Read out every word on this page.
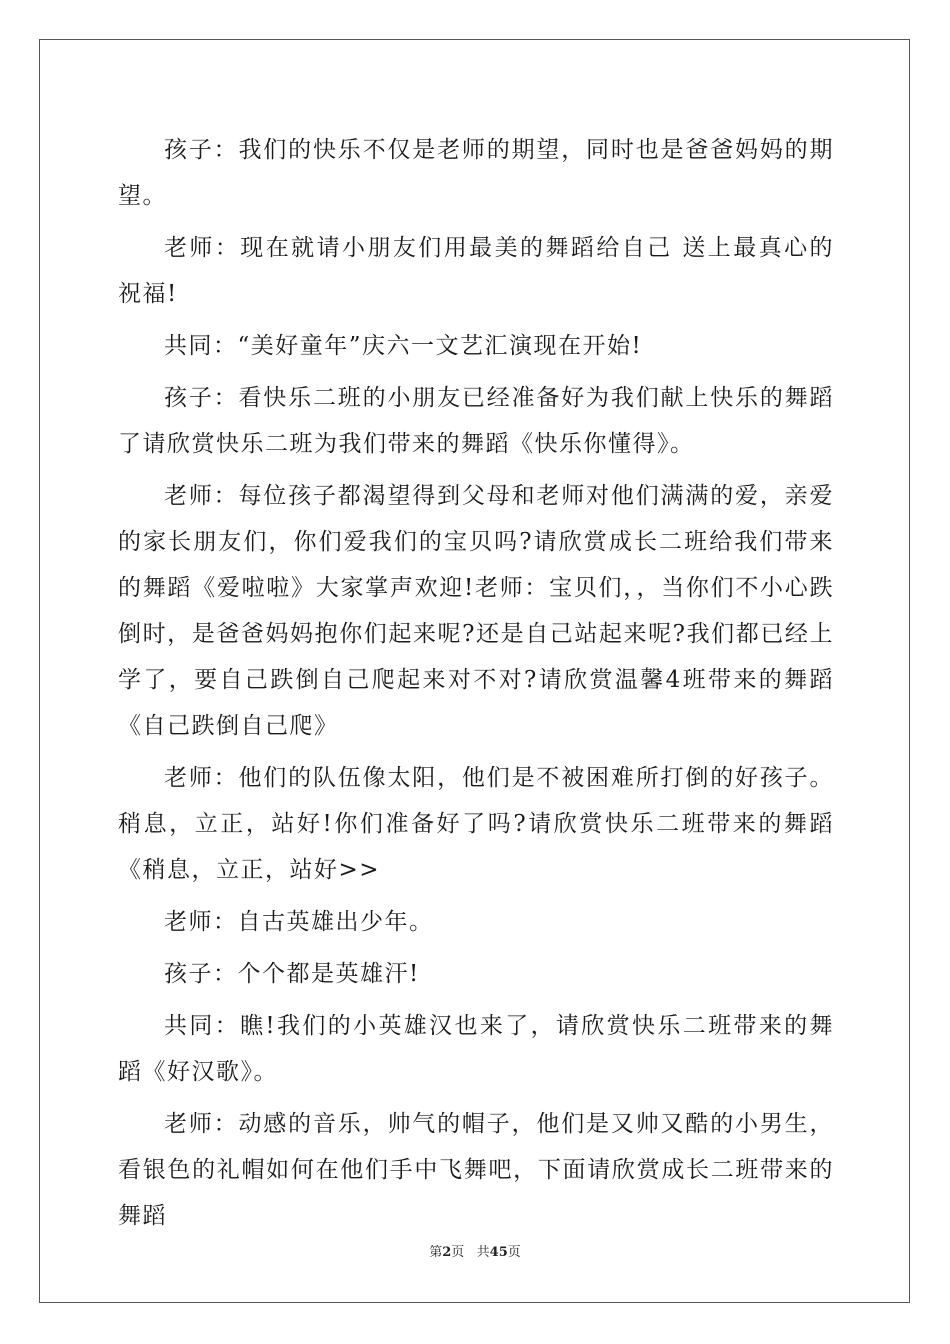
孩子：我们的快乐不仅是老师的期望，同时也是爸爸妈妈的期望。

老师：现在就请小朋友们用最美的舞蹈给自己 送上最真心的祝福!

共同：“美好童年”庆六一文艺汇演现在开始!

孩子：看快乐二班的小朋友已经准备好为我们献上快乐的舞蹈了请欣赏快乐二班为我们带来的舞蹈《快乐你懂得》。

老师：每位孩子都渴望得到父母和老师对他们满满的爱，亲爱的家长朋友们，你们爱我们的宝贝吗?请欣赏成长二班给我们带来的舞蹈《爱啦啦》大家掌声欢迎!老师：宝贝们，，当你们不小心跌倒时，是爸爸妈妈抱你们起来呢?还是自己站起来呢?我们都已经上学了，要自己跌倒自己爬起来对不对?请欣赏温馨4班带来的舞蹈《自己跌倒自己爬》

老师：他们的队伍像太阳，他们是不被困难所打倒的好孩子。稍息，立正，站好!你们准备好了吗?请欣赏快乐二班带来的舞蹈《稍息，立正，站好>>

老师：自古英雄出少年。

孩子：个个都是英雄汗!

共同：瞧!我们的小英雄汉也来了，请欣赏快乐二班带来的舞蹈《好汉歌》。

老师：动感的音乐，帅气的帽子，他们是又帅又酷的小男生，看银色的礼帽如何在他们手中飞舞吧，下面请欣赏成长二班带来的舞蹈

第2页   共45页
